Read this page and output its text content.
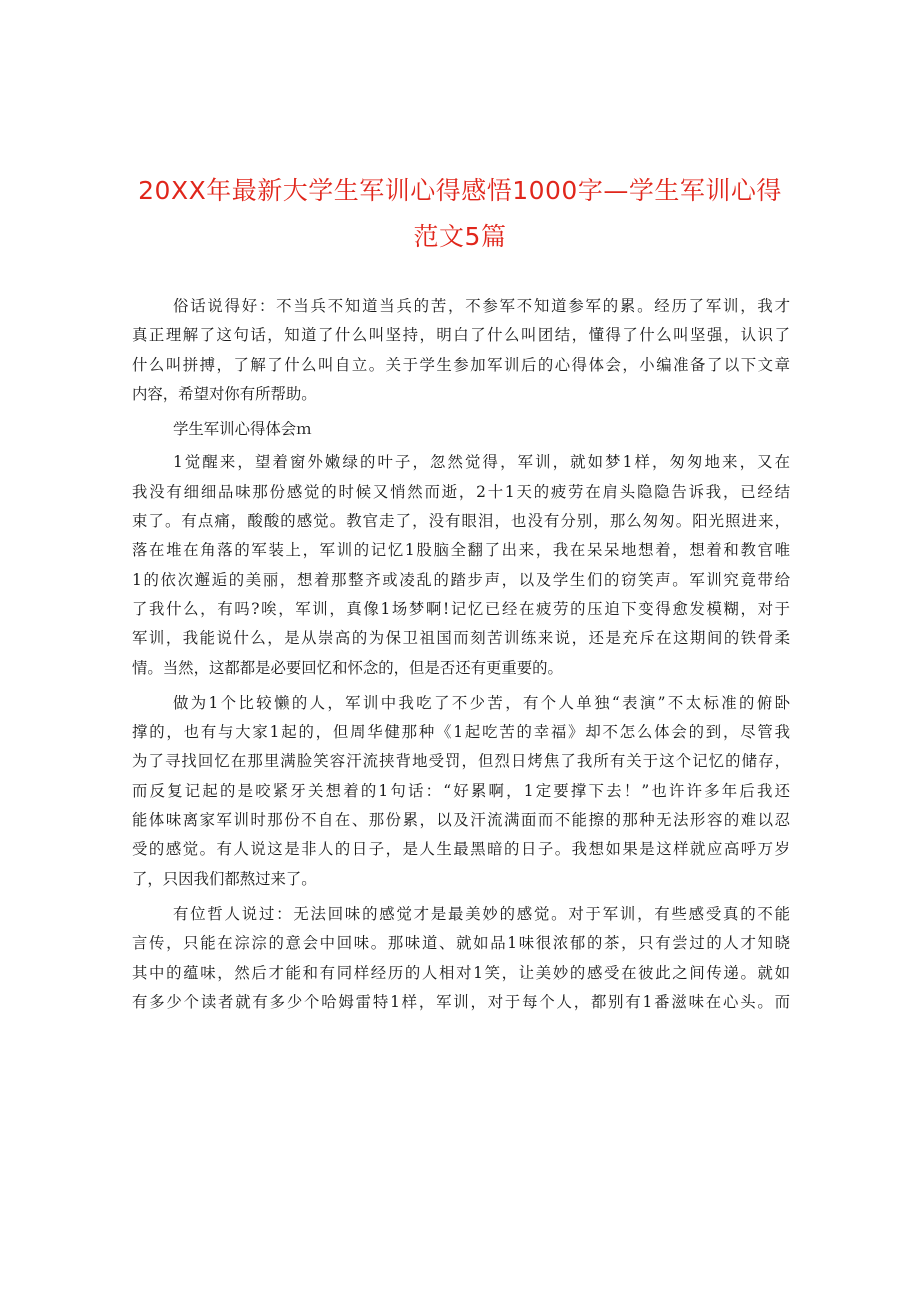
20XX年最新大学生军训心得感悟1000字—学生军训心得
范文5篇

俗话说得好：不当兵不知道当兵的苦，不参军不知道参军的累。经历了军训，我才
真正理解了这句话，知道了什么叫坚持，明白了什么叫团结，懂得了什么叫坚强，认识了
什么叫拼搏，了解了什么叫自立。关于学生参加军训后的心得体会，小编准备了以下文章
内容，希望对你有所帮助。

学生军训心得体会ｍ

1觉醒来，望着窗外嫩绿的叶子，忽然觉得，军训，就如梦1样，匆匆地来，又在
我没有细细品味那份感觉的时候又悄然而逝，2十1天的疲劳在肩头隐隐告诉我，已经结
束了。有点痛，酸酸的感觉。教官走了，没有眼泪，也没有分别，那么匆匆。阳光照进来，
落在堆在角落的军装上，军训的记忆1股脑全翻了出来，我在呆呆地想着，想着和教官唯
1的依次邂逅的美丽，想着那整齐或凌乱的踏步声，以及学生们的窃笑声。军训究竟带给
了我什么，有吗?唉，军训，真像1场梦啊!记忆已经在疲劳的压迫下变得愈发模糊，对于
军训，我能说什么，是从崇高的为保卫祖国而刻苦训练来说，还是充斥在这期间的铁骨柔
情。当然，这都都是必要回忆和怀念的，但是否还有更重要的。

做为1个比较懒的人，军训中我吃了不少苦，有个人单独“表演”不太标准的俯卧
撑的，也有与大家1起的，但周华健那种《1起吃苦的幸福》却不怎么体会的到，尽管我
为了寻找回忆在那里满脸笑容汗流挟背地受罚，但烈日烤焦了我所有关于这个记忆的储存，
而反复记起的是咬紧牙关想着的1句话：“好累啊，1定要撑下去！”也许许多年后我还
能体味离家军训时那份不自在、那份累，以及汗流满面而不能擦的那种无法形容的难以忍
受的感觉。有人说这是非人的日子，是人生最黑暗的日子。我想如果是这样就应高呼万岁
了，只因我们都熬过来了。

有位哲人说过：无法回味的感觉才是最美妙的感觉。对于军训，有些感受真的不能
言传，只能在淙淙的意会中回味。那味道、就如品1味很浓郁的茶，只有尝过的人才知晓
其中的蕴味，然后才能和有同样经历的人相对1笑，让美妙的感受在彼此之间传递。就如
有多少个读者就有多少个哈姆雷特1样，军训，对于每个人，都别有1番滋味在心头。而
